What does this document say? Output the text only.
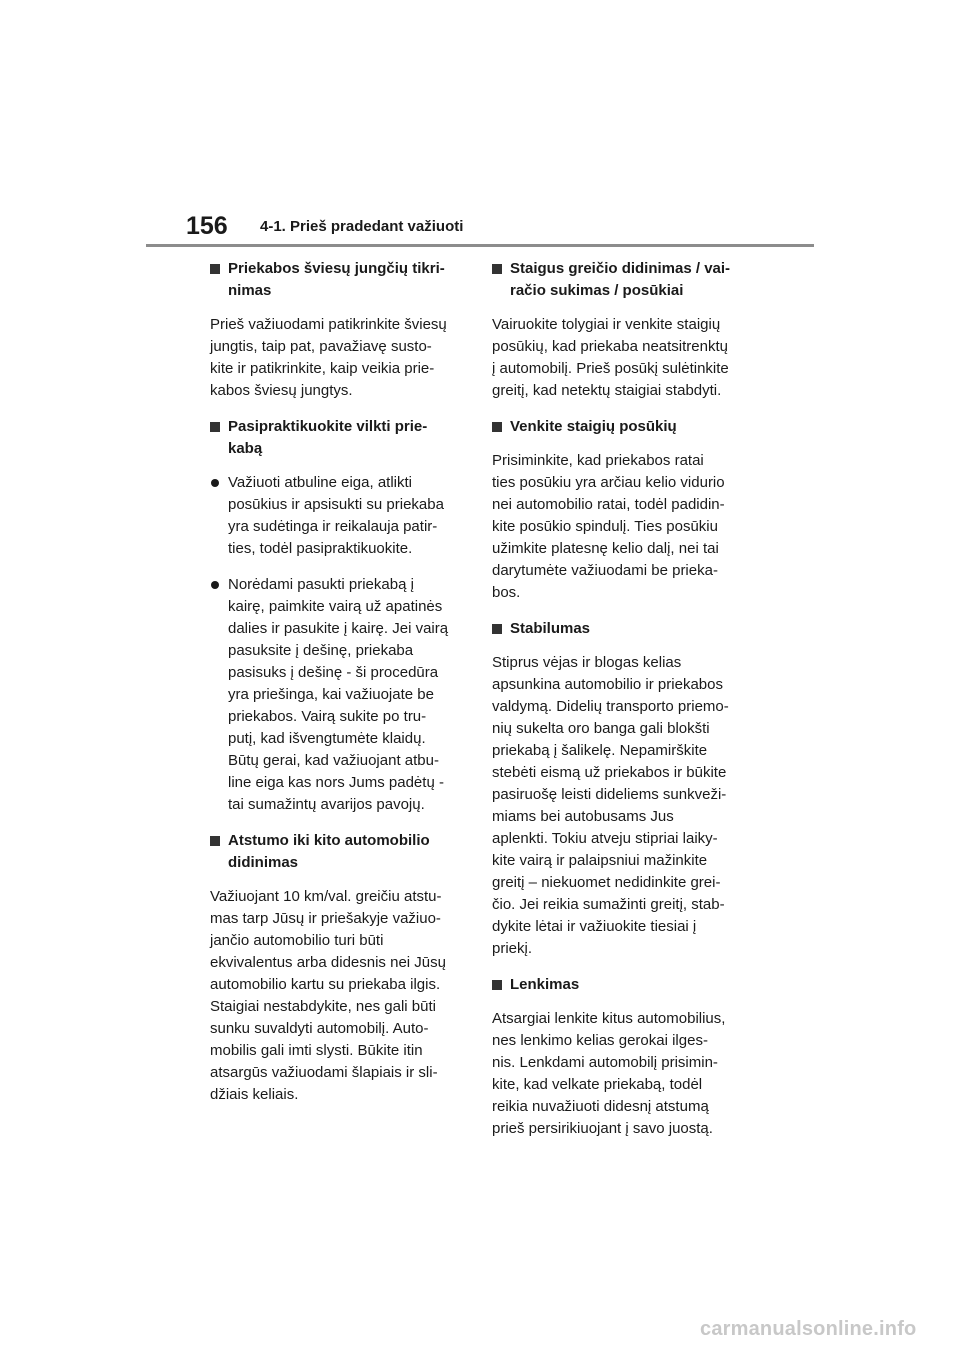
156 4-1. Prieš pradedant važiuoti
Priekabos šviesų jungčių tikri-
nimas
Prieš važiuodami patikrinkite šviesų
jungtis, taip pat, pavažiavę susto-
kite ir patikrinkite, kaip veikia prie-
kabos šviesų jungtys.
Pasipraktikuokite vilkti prie-
kabą
Važiuoti atbuline eiga, atlikti
posūkius ir apsisukti su priekaba
yra sudėtinga ir reikalauja patir-
ties, todėl pasipraktikuokite.
Norėdami pasukti priekabą į
kairę, paimkite vairą už apatinės
dalies ir pasukite į kairę. Jei vairą
pasuksite į dešinę, priekaba
pasisuks į dešinę - ši procedūra
yra priešinga, kai važiuojate be
priekabos. Vairą sukite po tru-
putį, kad išvengtumėte klaidų.
Būtų gerai, kad važiuojant atbu-
line eiga kas nors Jums padėtų -
tai sumažintų avarijos pavojų.
Atstumo iki kito automobilio
didinimas
Važiuojant 10 km/val. greičiu atstu-
mas tarp Jūsų ir priešakyje važiuo-
jančio automobilio turi būti
ekvivalentus arba didesnis nei Jūsų
automobilio kartu su priekaba ilgis.
Staigiai nestabdykite, nes gali būti
sunku suvaldyti automobilį. Auto-
mobilis gali imti slysti. Būkite itin
atsargūs važiuodami šlapiais ir sli-
džiais keliais.
Staigus greičio didinimas / vai-
račio sukimas / posūkiai
Vairuokite tolygiai ir venkite staigių
posūkių, kad priekaba neatsitrenktų
į automobilį. Prieš posūkį sulėtinkite
greitį, kad netektų staigiai stabdyti.
Venkite staigių posūkių
Prisiminkite, kad priekabos ratai
ties posūkiu yra arčiau kelio vidurio
nei automobilio ratai, todėl padidin-
kite posūkio spindulį. Ties posūkiu
užimkite platesnę kelio dalį, nei tai
darytumėte važiuodami be prieka-
bos.
Stabilumas
Stiprus vėjas ir blogas kelias
apsunkina automobilio ir priekabos
valdymą. Didelių transporto priemo-
nių sukelta oro banga gali blokšti
priekabą į šalikelę. Nepamirškite
stebėti eismą už priekabos ir būkite
pasiruošę leisti dideliems sunkveži-
miams bei autobusams Jus
aplenkti. Tokiu atveju stipriai laiky-
kite vairą ir palaipsniui mažinkite
greitį – niekuomet nedidinkite grei-
čio. Jei reikia sumažinti greitį, stab-
dykite lėtai ir važiuokite tiesiai į
priekį.
Lenkimas
Atsargiai lenkite kitus automobilius,
nes lenkimo kelias gerokai ilges-
nis. Lenkdami automobilį prisimin-
kite, kad velkate priekabą, todėl
reikia nuvažiuoti didesnį atstumą
prieš persirikiuojant į savo juostą.
carmanualsonline.info
